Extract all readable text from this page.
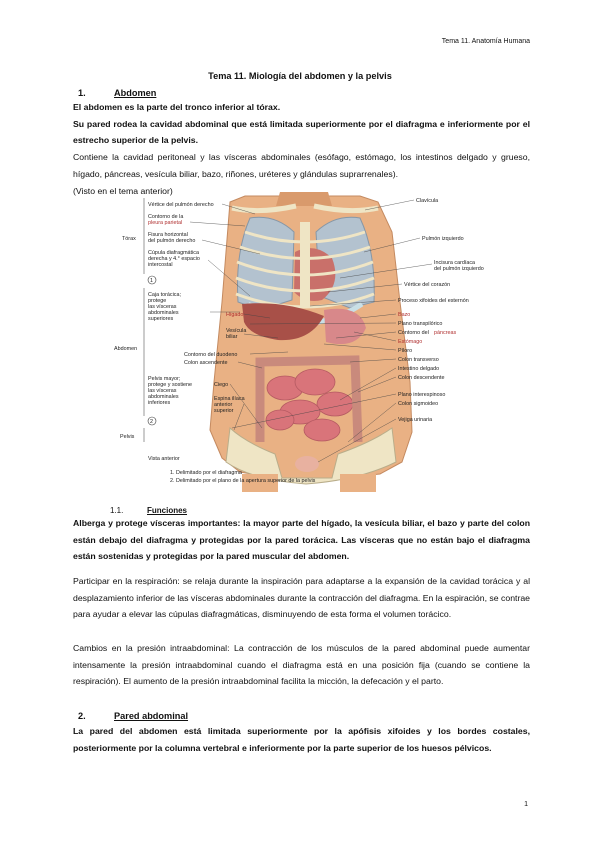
Tema 11. Anatomía Humana
Tema 11. Miología del abdomen y la pelvis
1.	Abdomen
El abdomen es la parte del tronco inferior al tórax.
Su pared rodea la cavidad abdominal que está limitada superiormente por el diafragma e inferiormente por el estrecho superior de la pelvis.
Contiene la cavidad peritoneal y las vísceras abdominales (esófago, estómago, los intestinos delgado y grueso, hígado, páncreas, vesícula biliar, bazo, riñones, uréteres y glándulas suprarrenales).
(Visto en el tema anterior)
Vértice del pulmón derecho
Contorno de la
pleura parietal
Fisura horizontal
del pulmón derecho
Cúpula diafragmática
derecha y 4.° espacio
intercostal
Caja torácica;
protege
las vísceras
abdominales
superiores
Hígado
Vesícula
biliar
Contorno del duodeno
Colon ascendente
Ciego
Espina ilíaca
anterior
superior
Pelvis mayor;
protege y sostiene
las vísceras
abdominales
inferiores
Tórax
Abdomen
Pelvis
1
2
Vista anterior
1. Delimitado por el diafragma
2. Delimitado por el plano de la apertura superior de la pelvis
Clavícula
Pulmón izquierdo
Incisura cardíaca
del pulmón izquierdo
Vértice del corazón
Proceso xifoides del esternón
Bazo
Plano transpilórico
Contorno del páncreas
Estómago
Píloro
Colon transverso
Intestino delgado
Colon descendente
Plano interespinoso
Colon sigmoideo
Vejiga urinaria
1.1.	Funciones
Alberga y protege vísceras importantes: la mayor parte del hígado, la vesícula biliar, el bazo y parte del colon están debajo del diafragma y protegidas por la pared torácica. Las vísceras que no están bajo el diafragma están sostenidas y protegidas por la pared muscular del abdomen.
Participar en la respiración: se relaja durante la inspiración para adaptarse a la expansión de la cavidad torácica y al desplazamiento inferior de las vísceras abdominales durante la contracción del diafragma. En la espiración, se contrae para ayudar a elevar las cúpulas diafragmáticas, disminuyendo de esta forma el volumen torácico.
Cambios en la presión intraabdominal: La contracción de los músculos de la pared abdominal puede aumentar intensamente la presión intraabdominal cuando el diafragma está en una posición fija (cuando se contiene la respiración). El aumento de la presión intraabdominal facilita la micción, la defecación y el parto.
2.	Pared abdominal
La pared del abdomen está limitada superiormente por la apófisis xifoides y los bordes costales, posteriormente por la columna vertebral e inferiormente por la parte superior de los huesos pélvicos.
1
